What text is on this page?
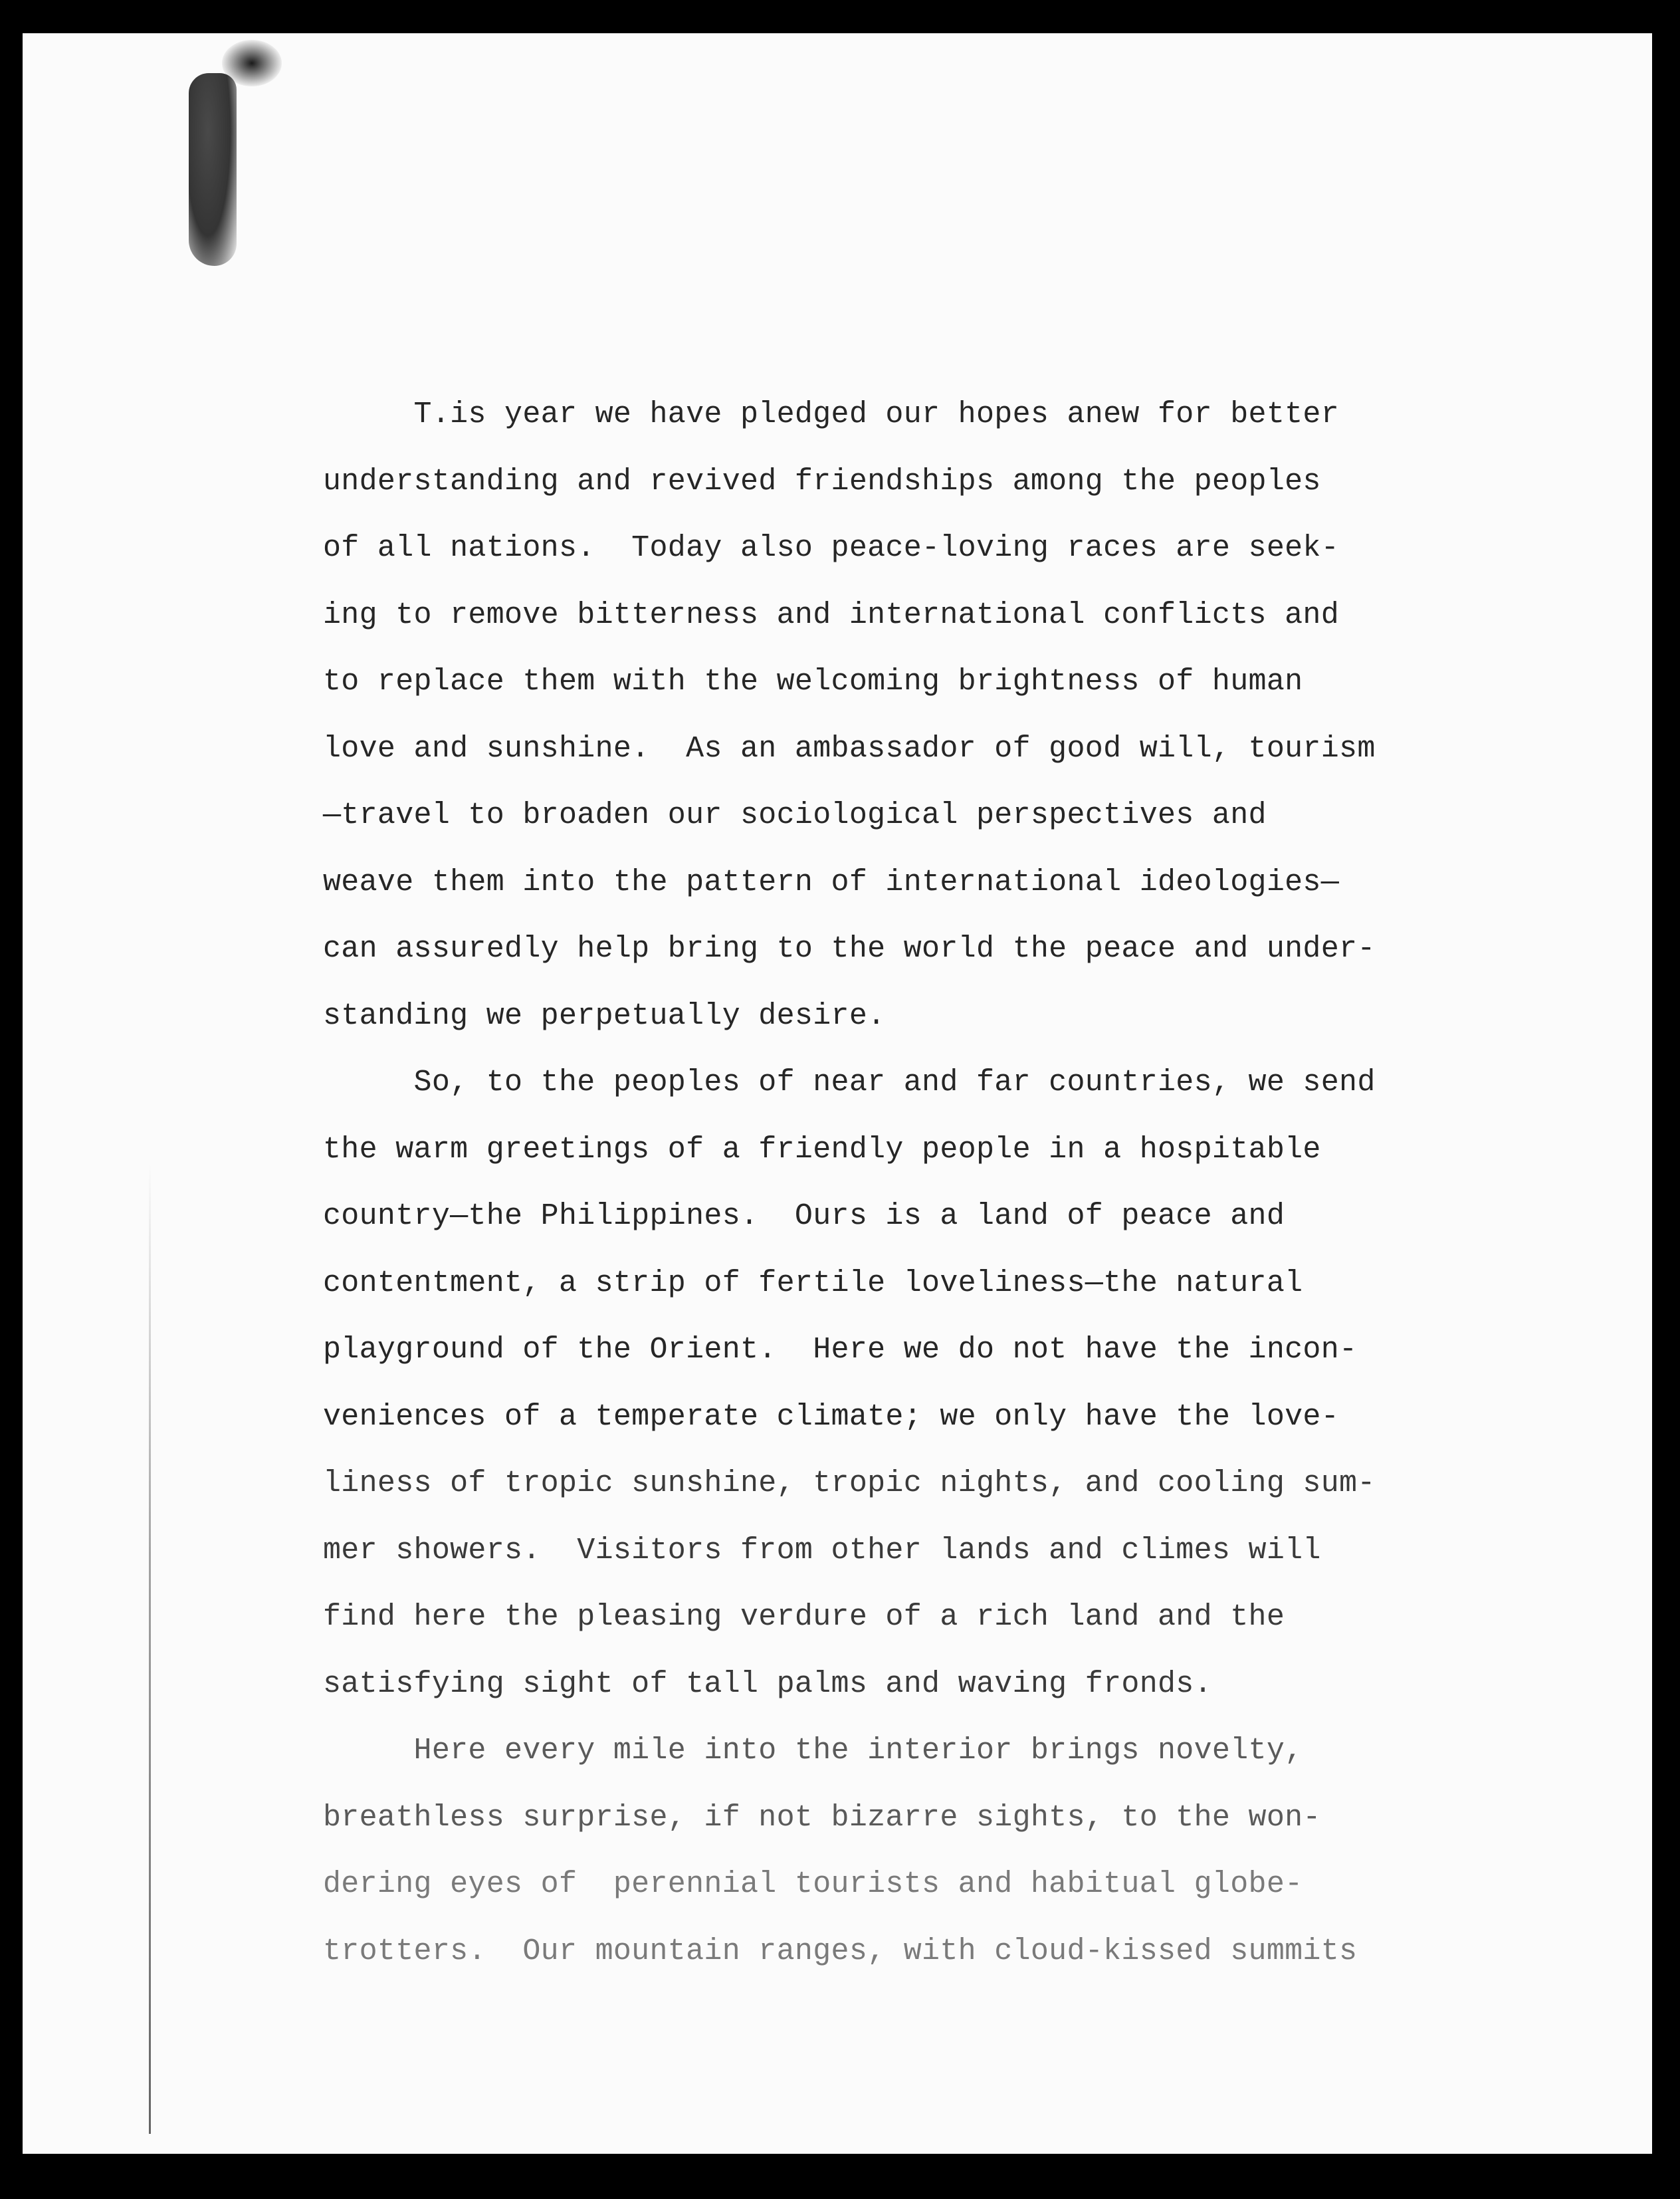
T.is year we have pledged our hopes anew for better
understanding and revived friendships among the peoples
of all nations.  Today also peace-loving races are seek-
ing to remove bitterness and international conflicts and
to replace them with the welcoming brightness of human
love and sunshine.  As an ambassador of good will, tourism
—travel to broaden our sociological perspectives and
weave them into the pattern of international ideologies—
can assuredly help bring to the world the peace and under-
standing we perpetually desire.
So, to the peoples of near and far countries, we send
the warm greetings of a friendly people in a hospitable
country—the Philippines.  Ours is a land of peace and
contentment, a strip of fertile loveliness—the natural
playground of the Orient.  Here we do not have the incon-
veniences of a temperate climate; we only have the love-
liness of tropic sunshine, tropic nights, and cooling sum-
mer showers.  Visitors from other lands and climes will
find here the pleasing verdure of a rich land and the
satisfying sight of tall palms and waving fronds.
Here every mile into the interior brings novelty,
breathless surprise, if not bizarre sights, to the won-
dering eyes of  perennial tourists and habitual globe-
trotters.  Our mountain ranges, with cloud-kissed summits
